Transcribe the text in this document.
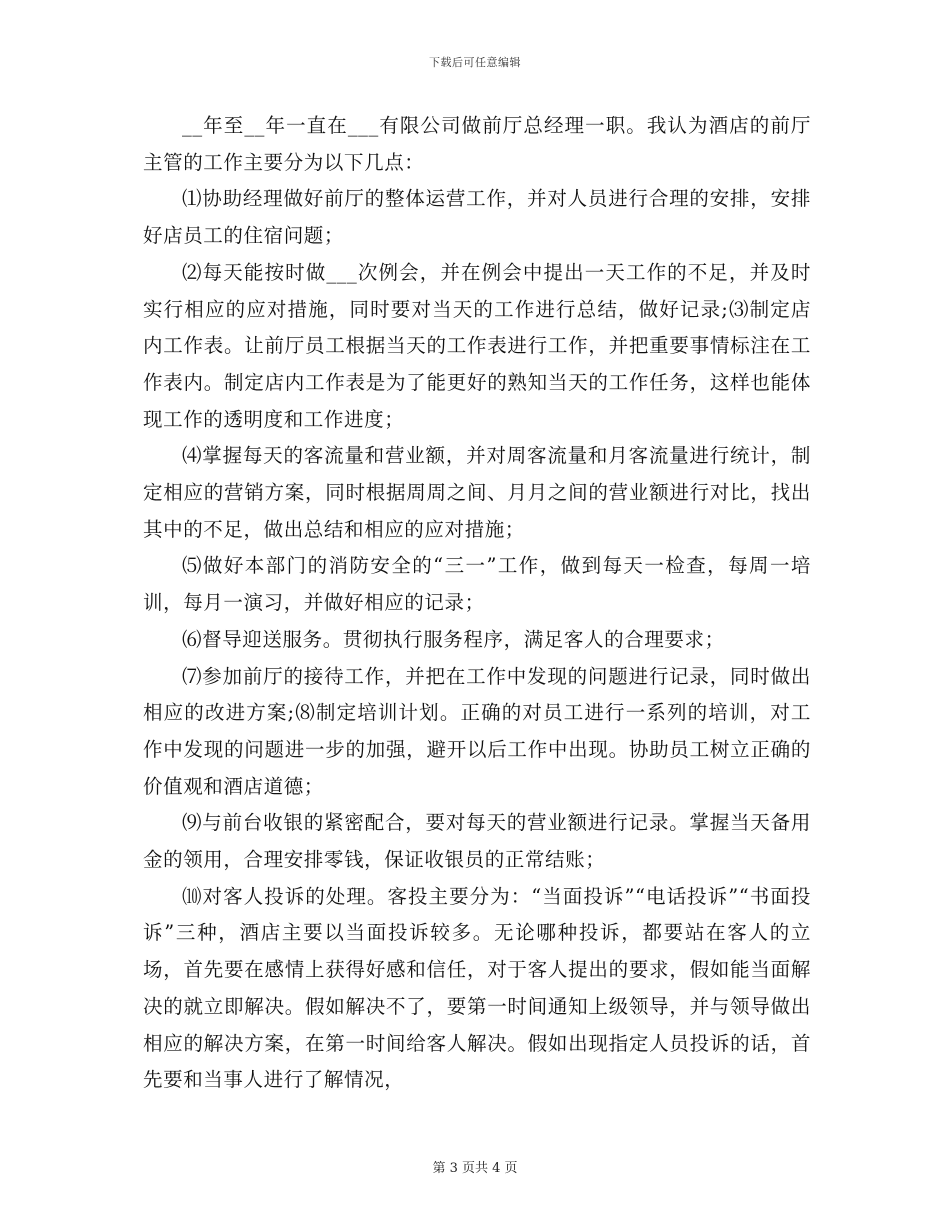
下载后可任意编辑

__年至__年一直在___有限公司做前厅总经理一职。我认为酒店的前厅主管的工作主要分为以下几点：

⑴协助经理做好前厅的整体运营工作，并对人员进行合理的安排，安排好店员工的住宿问题；

⑵每天能按时做___次例会，并在例会中提出一天工作的不足，并及时实行相应的应对措施，同时要对当天的工作进行总结，做好记录;⑶制定店内工作表。让前厅员工根据当天的工作表进行工作，并把重要事情标注在工作表内。制定店内工作表是为了能更好的熟知当天的工作任务，这样也能体现工作的透明度和工作进度；

⑷掌握每天的客流量和营业额，并对周客流量和月客流量进行统计，制定相应的营销方案，同时根据周周之间、月月之间的营业额进行对比，找出其中的不足，做出总结和相应的应对措施；

⑸做好本部门的消防安全的“三一”工作，做到每天一检查，每周一培训，每月一演习，并做好相应的记录；

⑹督导迎送服务。贯彻执行服务程序，满足客人的合理要求；

⑺参加前厅的接待工作，并把在工作中发现的问题进行记录，同时做出相应的改进方案;⑻制定培训计划。正确的对员工进行一系列的培训，对工作中发现的问题进一步的加强，避开以后工作中出现。协助员工树立正确的价值观和酒店道德；

⑼与前台收银的紧密配合，要对每天的营业额进行记录。掌握当天备用金的领用，合理安排零钱，保证收银员的正常结账；

⑽对客人投诉的处理。客投主要分为：“当面投诉”“电话投诉”“书面投诉”三种，酒店主要以当面投诉较多。无论哪种投诉，都要站在客人的立场，首先要在感情上获得好感和信任，对于客人提出的要求，假如能当面解决的就立即解决。假如解决不了，要第一时间通知上级领导，并与领导做出相应的解决方案，在第一时间给客人解决。假如出现指定人员投诉的话，首先要和当事人进行了解情况，

第 3 页共 4 页
